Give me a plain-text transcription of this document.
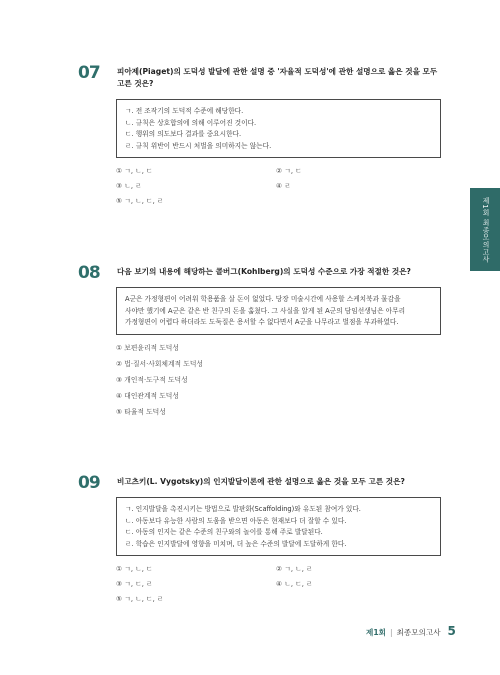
07 피아제(Piaget)의 도덕성 발달에 관한 설명 중 '자율적 도덕성'에 관한 설명으로 옳은 것을 모두 고른 것은?
ㄱ. 전 조작기의 도덕적 수준에 해당한다.
ㄴ. 규칙은 상호합의에 의해 이루어진 것이다.
ㄷ. 행위의 의도보다 결과를 중요시한다.
ㄹ. 규칙 위반이 반드시 처벌을 의미하지는 않는다.
① ㄱ, ㄴ, ㄷ	② ㄱ, ㄷ
③ ㄴ, ㄹ	④ ㄹ
⑤ ㄱ, ㄴ, ㄷ, ㄹ
08 다음 보기의 내용에 해당하는 콜버그(Kohlberg)의 도덕성 수준으로 가장 적절한 것은?
A군은 가정형편이 어려워 학용품을 살 돈이 없었다. 당장 미술시간에 사용할 스케치북과 물감을
사야만 했기에 A군은 같은 반 친구의 돈을 훔쳤다. 그 사실을 알게 된 A군의 담임선생님은 아무리
가정형편이 어렵다 하더라도 도둑질은 용서할 수 없다면서 A군을 나무라고 벌점을 부과하였다.
① 보편윤리적 도덕성
② 법·질서·사회체계적 도덕성
③ 개인적·도구적 도덕성
④ 대인관계적 도덕성
⑤ 타율적 도덕성
09 비고츠키(L. Vygotsky)의 인지발달이론에 관한 설명으로 옳은 것을 모두 고른 것은?
ㄱ. 인지발달을 촉진시키는 방법으로 발판화(Scaffolding)와 유도된 참여가 있다.
ㄴ. 아동보다 유능한 사람의 도움을 받으면 아동은 현재보다 더 잘할 수 있다.
ㄷ. 아동의 인지는 같은 수준의 친구와의 놀이를 통해 주로 발달된다.
ㄹ. 학습은 인지발달에 영향을 미치며, 더 높은 수준의 발달에 도달하게 한다.
① ㄱ, ㄴ, ㄷ	② ㄱ, ㄴ, ㄹ
③ ㄱ, ㄷ, ㄹ	④ ㄴ, ㄷ, ㄹ
⑤ ㄱ, ㄴ, ㄷ, ㄹ
제1회 최종모의고사
제1회 | 최종모의고사 5
